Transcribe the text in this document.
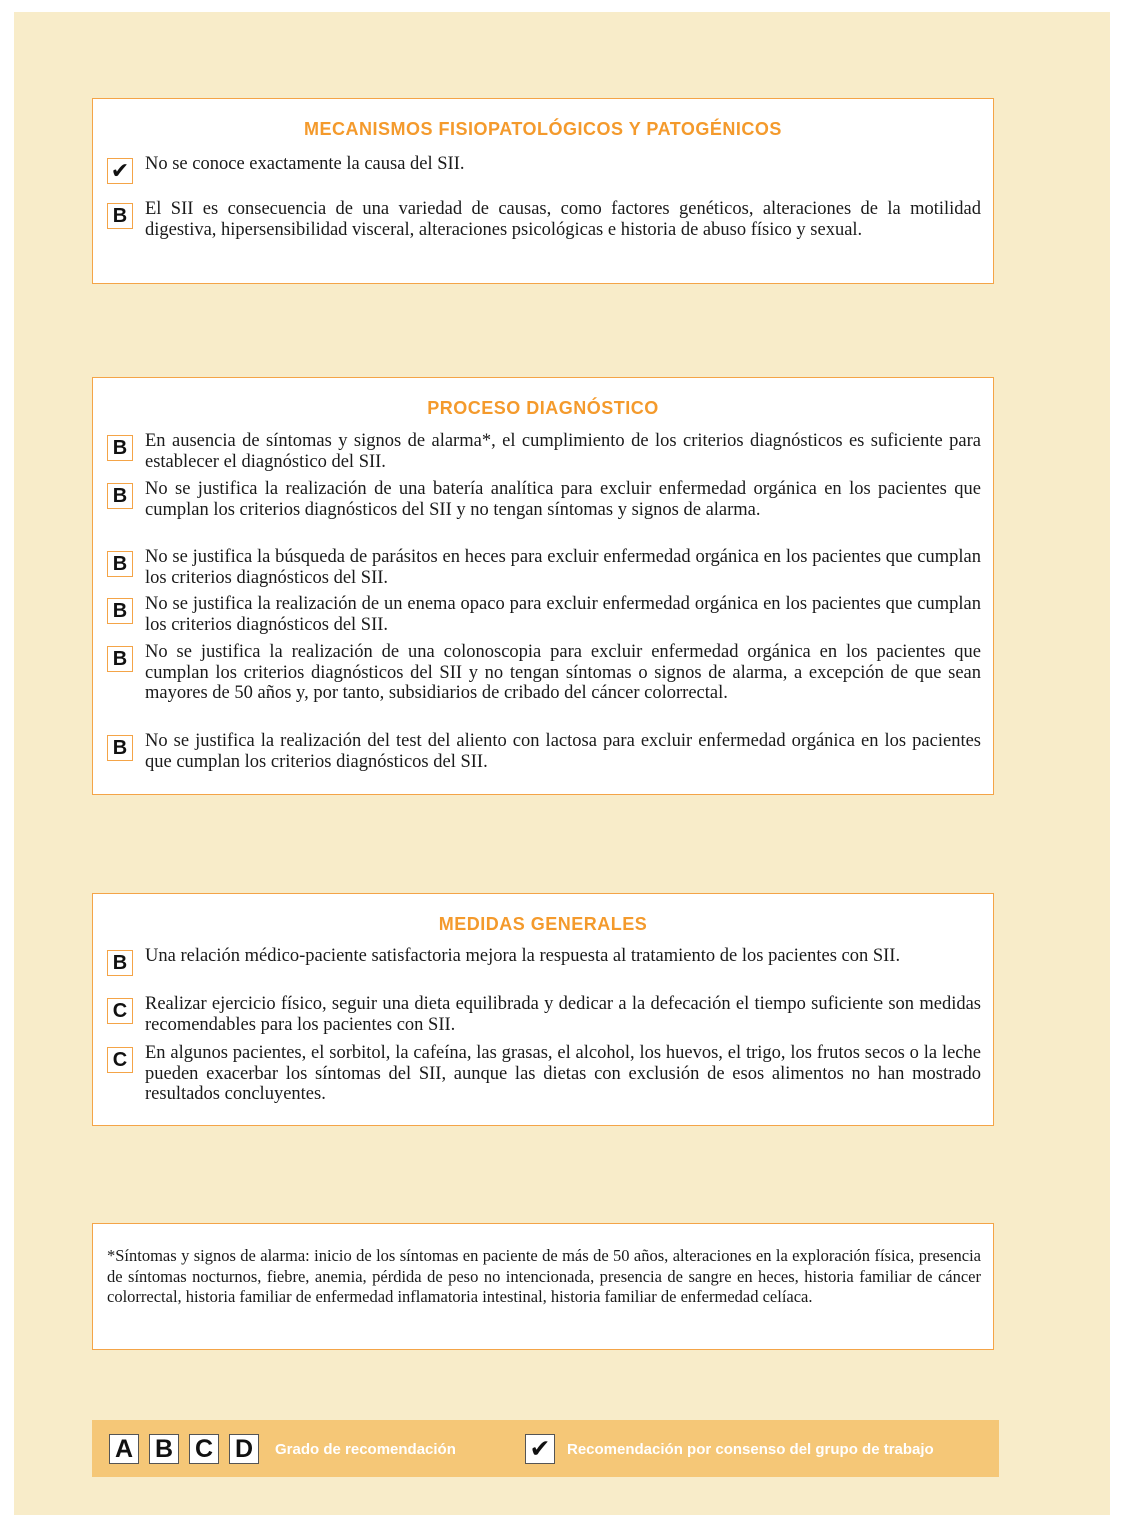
MECANISMOS FISIOPATOLÓGICOS Y PATOGÉNICOS
✔ No se conoce exactamente la causa del SII.
B El SII es consecuencia de una variedad de causas, como factores genéticos, alteraciones de la motilidad digestiva, hipersensibilidad visceral, alteraciones psicológicas e historia de abuso físico y sexual.
PROCESO DIAGNÓSTICO
B En ausencia de síntomas y signos de alarma*, el cumplimiento de los criterios diagnósticos es suficiente para establecer el diagnóstico del SII.
B No se justifica la realización de una batería analítica para excluir enfermedad orgánica en los pacientes que cumplan los criterios diagnósticos del SII y no tengan síntomas y signos de alarma.
B No se justifica la búsqueda de parásitos en heces para excluir enfermedad orgánica en los pacientes que cumplan los criterios diagnósticos del SII.
B No se justifica la realización de un enema opaco para excluir enfermedad orgánica en los pacientes que cumplan los criterios diagnósticos del SII.
B No se justifica la realización de una colonoscopia para excluir enfermedad orgánica en los pacientes que cumplan los criterios diagnósticos del SII y no tengan síntomas o signos de alarma, a excepción de que sean mayores de 50 años y, por tanto, subsidiarios de cribado del cáncer colorrectal.
B No se justifica la realización del test del aliento con lactosa para excluir enfermedad orgánica en los pacientes que cumplan los criterios diagnósticos del SII.
MEDIDAS GENERALES
B Una relación médico-paciente satisfactoria mejora la respuesta al tratamiento de los pacientes con SII.
C Realizar ejercicio físico, seguir una dieta equilibrada y dedicar a la defecación el tiempo suficiente son medidas recomendables para los pacientes con SII.
C En algunos pacientes, el sorbitol, la cafeína, las grasas, el alcohol, los huevos, el trigo, los frutos secos o la leche pueden exacerbar los síntomas del SII, aunque las dietas con exclusión de esos alimentos no han mostrado resultados concluyentes.
*Síntomas y signos de alarma: inicio de los síntomas en paciente de más de 50 años, alteraciones en la exploración física, presencia de síntomas nocturnos, fiebre, anemia, pérdida de peso no intencionada, presencia de sangre en heces, historia familiar de cáncer colorrectal, historia familiar de enfermedad inflamatoria intestinal, historia familiar de enfermedad celíaca.
A B C D	Grado de recomendación	✔	Recomendación por consenso del grupo de trabajo
